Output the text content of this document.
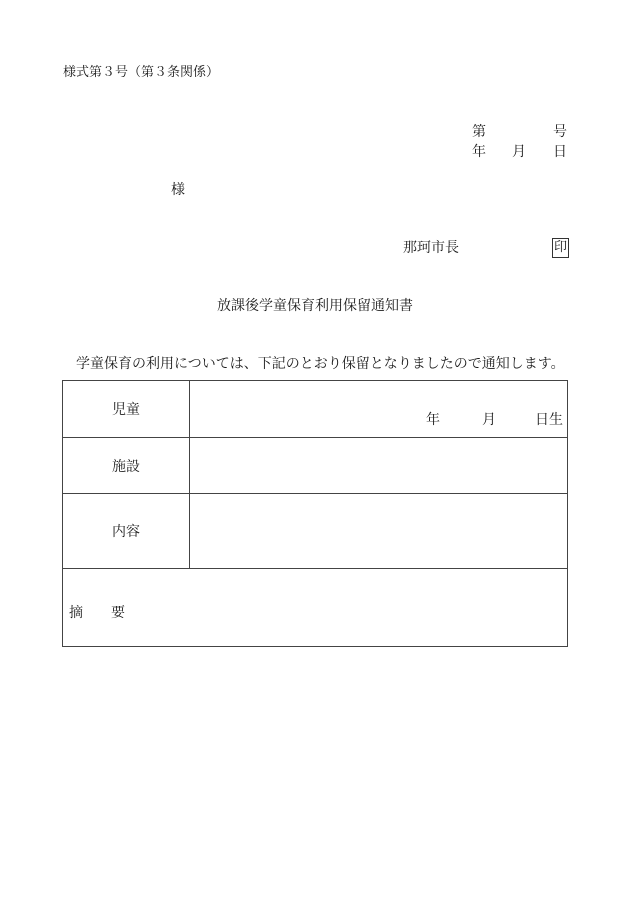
様式第３号（第３条関係）
第	号
年 月 日
様
那珂市長	印
放課後学童保育利用保留通知書
学童保育の利用については、下記のとおり保留となりましたので通知します。
児童	年 月 日生

施設	
内容	
摘　　要	
